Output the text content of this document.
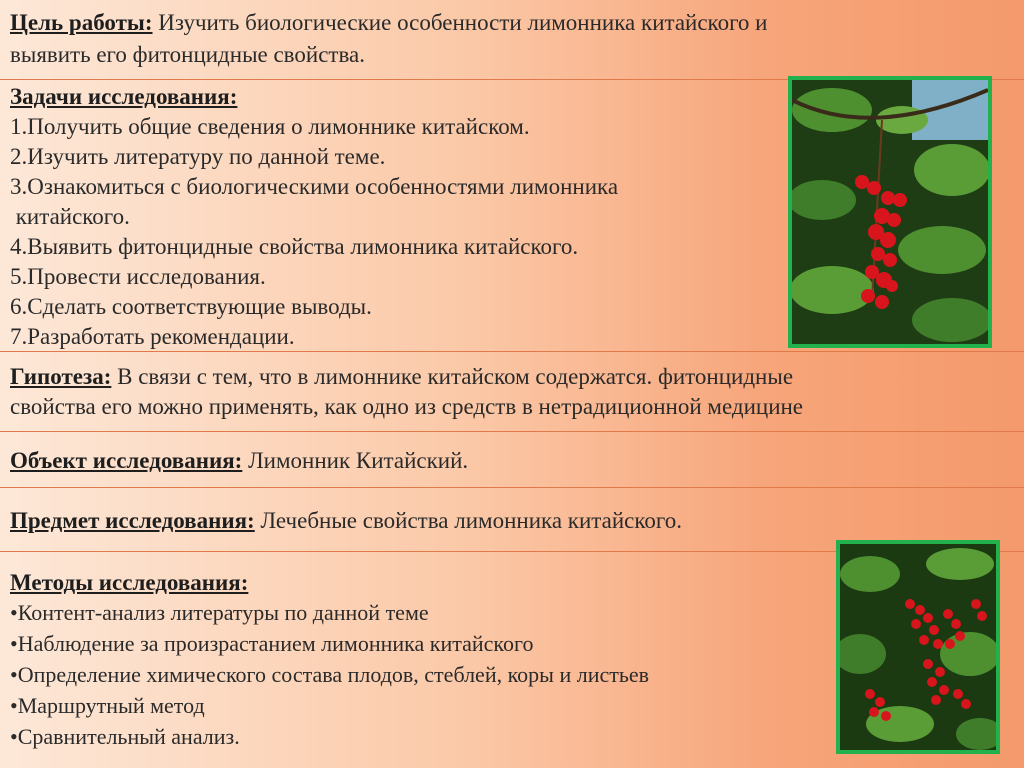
Цель работы: Изучить биологические особенности лимонника китайского и
выявить его фитонцидные свойства.
Задачи исследования:
1.Получить общие сведения о лимоннике китайском.
2.Изучить литературу по данной теме.
3.Ознакомиться с биологическими особенностями лимонника
китайского.
4.Выявить фитонцидные свойства лимонника китайского.
5.Провести исследования.
6.Сделать соответствующие выводы.
7.Разработать рекомендации.
Гипотеза: В связи с тем, что в лимоннике китайском содержатся. фитонцидные
свойства его можно применять, как одно из средств в нетрадиционной медицине
Объект исследования: Лимонник Китайский.
Предмет исследования: Лечебные свойства лимонника китайского.
Методы исследования:
•Контент-анализ литературы по данной теме
•Наблюдение за произрастанием лимонника китайского
•Определение химического состава плодов, стеблей, коры и листьев
•Маршрутный метод
•Сравнительный анализ.
